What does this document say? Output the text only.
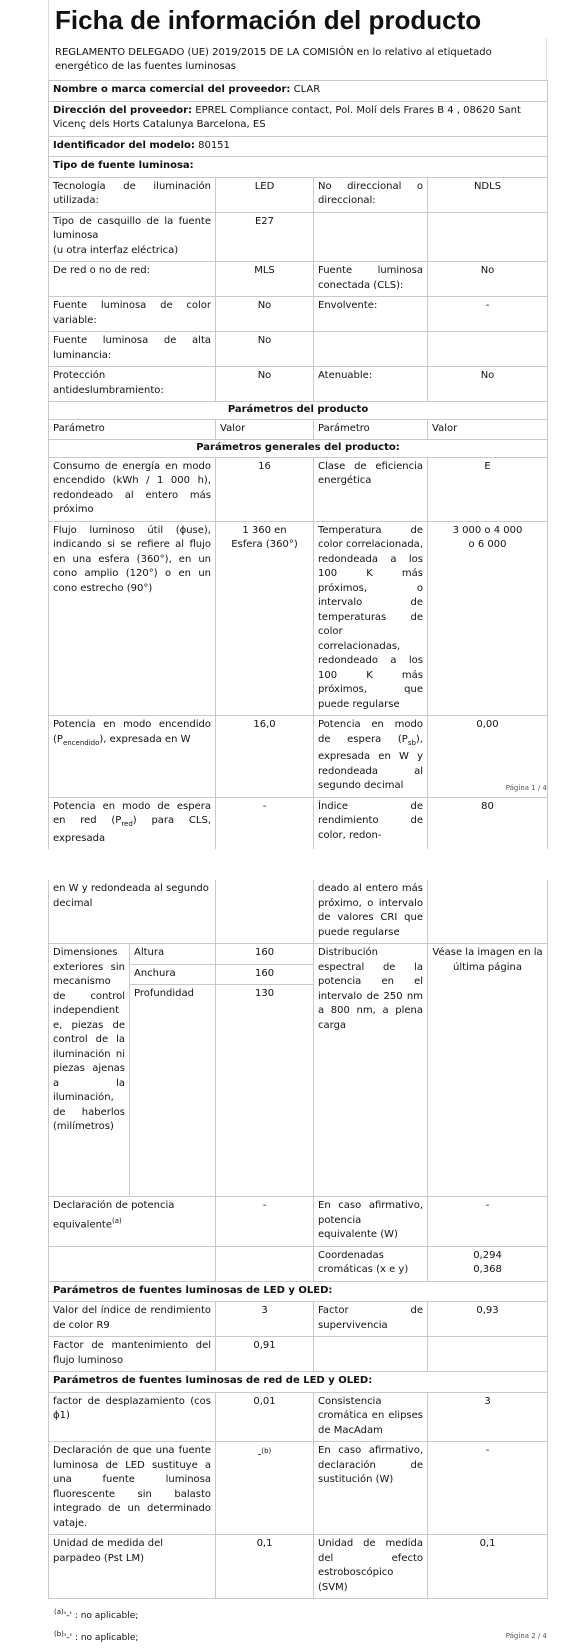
Ficha de información del producto
REGLAMENTO DELEGADO (UE) 2019/2015 DE LA COMISIÓN en lo relativo al etiquetado energético de las fuentes luminosas
Nombre o marca comercial del proveedor: CLAR			
Dirección del proveedor: EPREL Compliance contact, Pol. Molí dels Frares B 4 , 08620 Sant Vicenç dels Horts Catalunya Barcelona, ES			
Identificador del modelo: 80151			
Tipo de fuente luminosa:			
Tecnología de iluminación utilizada:	LED	No direccional o direccional:	NDLS
Tipo de casquillo de la fuente luminosa
(u otra interfaz eléctrica)	E27		
De red o no de red:	MLS	Fuente luminosa conectada (CLS):	No
Fuente luminosa de color variable:	No	Envolvente:	-
Fuente luminosa de alta luminancia:	No		
Protección antideslumbramiento:	No	Atenuable:	No
Parámetros del producto			
Parámetro	Valor	Parámetro	Valor
Parámetros generales del producto:			
Consumo de energía en modo encendido (kWh / 1 000 h), redondeado al entero más próximo	16	Clase de eficiencia energética	E
Flujo luminoso útil (ϕuse), indicando si se refiere al flujo en una esfera (360°), en un cono amplio (120°) o en un cono estrecho (90°)	1 360 en Esfera (360°)	Temperatura de color correlacionada, redondeada a los 100 K más próximos, o intervalo de temperaturas de color correlacionadas, redondeado a los 100 K más próximos, que puede regularse	3 000 o 4 000 o 6 000
Potencia en modo encendido $(P_{encendido})$, expresada en W	16,0	Potencia en modo de espera $(P_{sb})$, expresada en W y redondeada al segundo decimal	0,00
Potencia en modo de espera en red $(P_{red})$ para CLS, expresada	-	Índice de rendimiento de color, redon-	80
Página 1 / 4
en W y redondeada al segundo decimal			deado al entero más próximo, o intervalo de valores CRI que puede regularse	
Dimensiones exteriores sin mecanismo de control independiente, piezas de control de la iluminación ni piezas ajenas a la iluminación, de haberlos (milímetros)	Altura	160	Distribución espectral de la potencia en el intervalo de 250 nm a 800 nm, a plena carga	Véase la imagen en la última página
	Anchura	160		
	Profundidad	130		
Declaración de potencia equivalente$^{(a)}$		-	En caso afirmativo, potencia equivalente (W)	-
			Coordenadas cromáticas (x e y)	0,294
0,368
Parámetros de fuentes luminosas de LED y OLED:				
Valor del índice de rendimiento de color R9		3	Factor de supervivencia	0,93
Factor de mantenimiento del flujo luminoso		0,91		
Parámetros de fuentes luminosas de red de LED y OLED:				
factor de desplazamiento (cos ϕ1)		0,01	Consistencia cromática en elipses de MacAdam	3
Declaración de que una fuente luminosa de LED sustituye a una fuente luminosa fluorescente sin balasto integrado de un determinado vataje.		-$^{(b)}$	En caso afirmativo, declaración de sustitución (W)	-
Unidad de medida del parpadeo (Pst LM)		0,1	Unidad de medida del efecto estroboscópico (SVM)	0,1
$^{(a)}$'-' : no aplicable;
$^{(b)}$'-' : no aplicable;	Página 2 / 4
